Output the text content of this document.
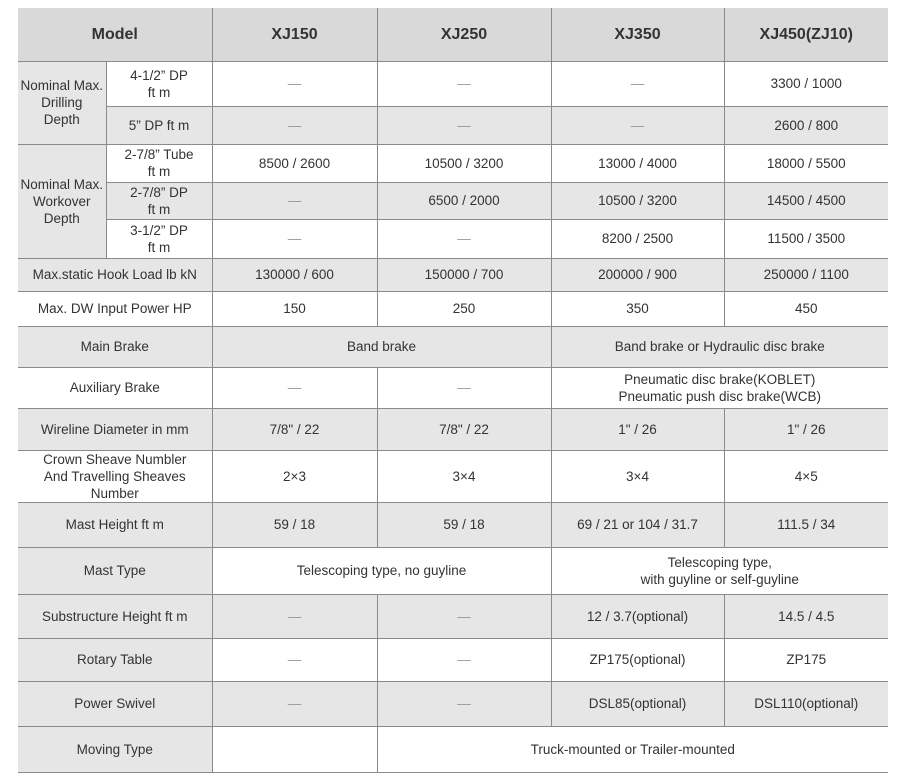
Model		XJ150	XJ250	XJ350	XJ450(ZJ10)
Nominal Max.
Drilling
Depth	4-1/2” DP
ft m	—	—	—	3300 / 1000
	5” DP ft m	—	—	—	2600 / 800
Nominal Max.
Workover
Depth	2-7/8” Tube
ft m	8500 / 2600	10500 / 3200	13000 / 4000	18000 / 5500
	2-7/8” DP
ft m	—	6500 / 2000	10500 / 3200	14500 / 4500
	3-1/2” DP
ft m	—	—	8200 / 2500	11500 / 3500
Max.static Hook Load lb kN		130000 / 600	150000 / 700	200000 / 900	250000 / 1100
Max. DW Input Power HP		150	250	350	450
Main Brake		Band brake		Band brake or Hydraulic disc brake	
Auxiliary Brake		—	—	Pneumatic disc brake(KOBLET)
Pneumatic push disc brake(WCB)	
Wireline Diameter in mm		7/8" / 22	7/8" / 22	1" / 26	1" / 26
Crown Sheave Numbler
And Travelling Sheaves Number		2×3	3×4	3×4	4×5
Mast Height ft m		59 / 18	59 / 18	69 / 21 or 104 / 31.7	111.5 / 34
Mast Type		Telescoping type, no guyline		Telescoping type,
with guyline or self-guyline	
Substructure Height ft m		—	—	12 / 3.7(optional)	14.5 / 4.5
Rotary Table		—	—	ZP175(optional)	ZP175
Power Swivel		—	—	DSL85(optional)	DSL110(optional)
Moving Type			Truck-mounted or Trailer-mounted		
